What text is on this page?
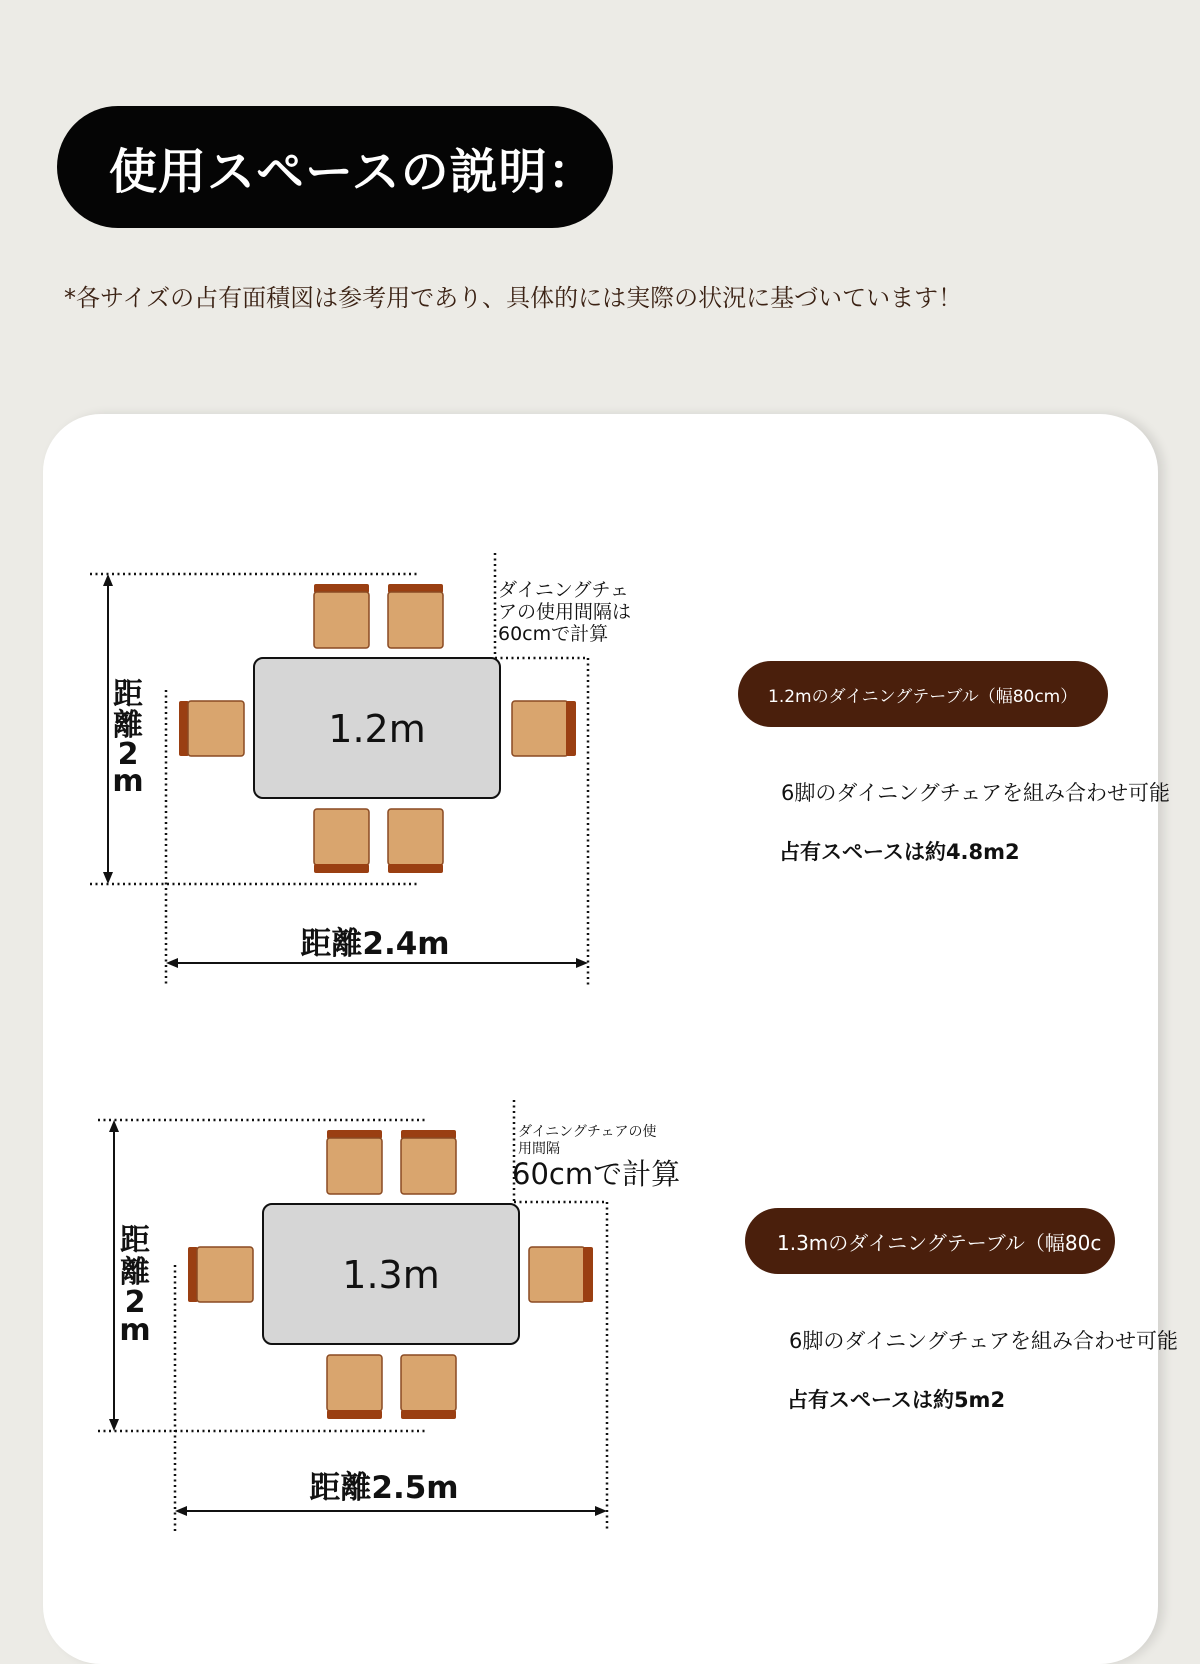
使用スペースの説明：
*各サイズの占有面積図は参考用であり、具体的には実際の状況に基づいています！
1.2m
距
離
2
m
距離2.4m
ダイニングチェ
アの使用間隔は
60cmで計算
1.3m
距
離
2
m
距離2.5m
ダイニングチェアの使
用間隔
60cmで計算
1.2mのダイニングテーブル（幅80cm）
6脚のダイニングチェアを組み合わせ可能
占有スペースは約4.8m2
1.3mのダイニングテーブル（幅80c
6脚のダイニングチェアを組み合わせ可能
占有スペースは約5m2
